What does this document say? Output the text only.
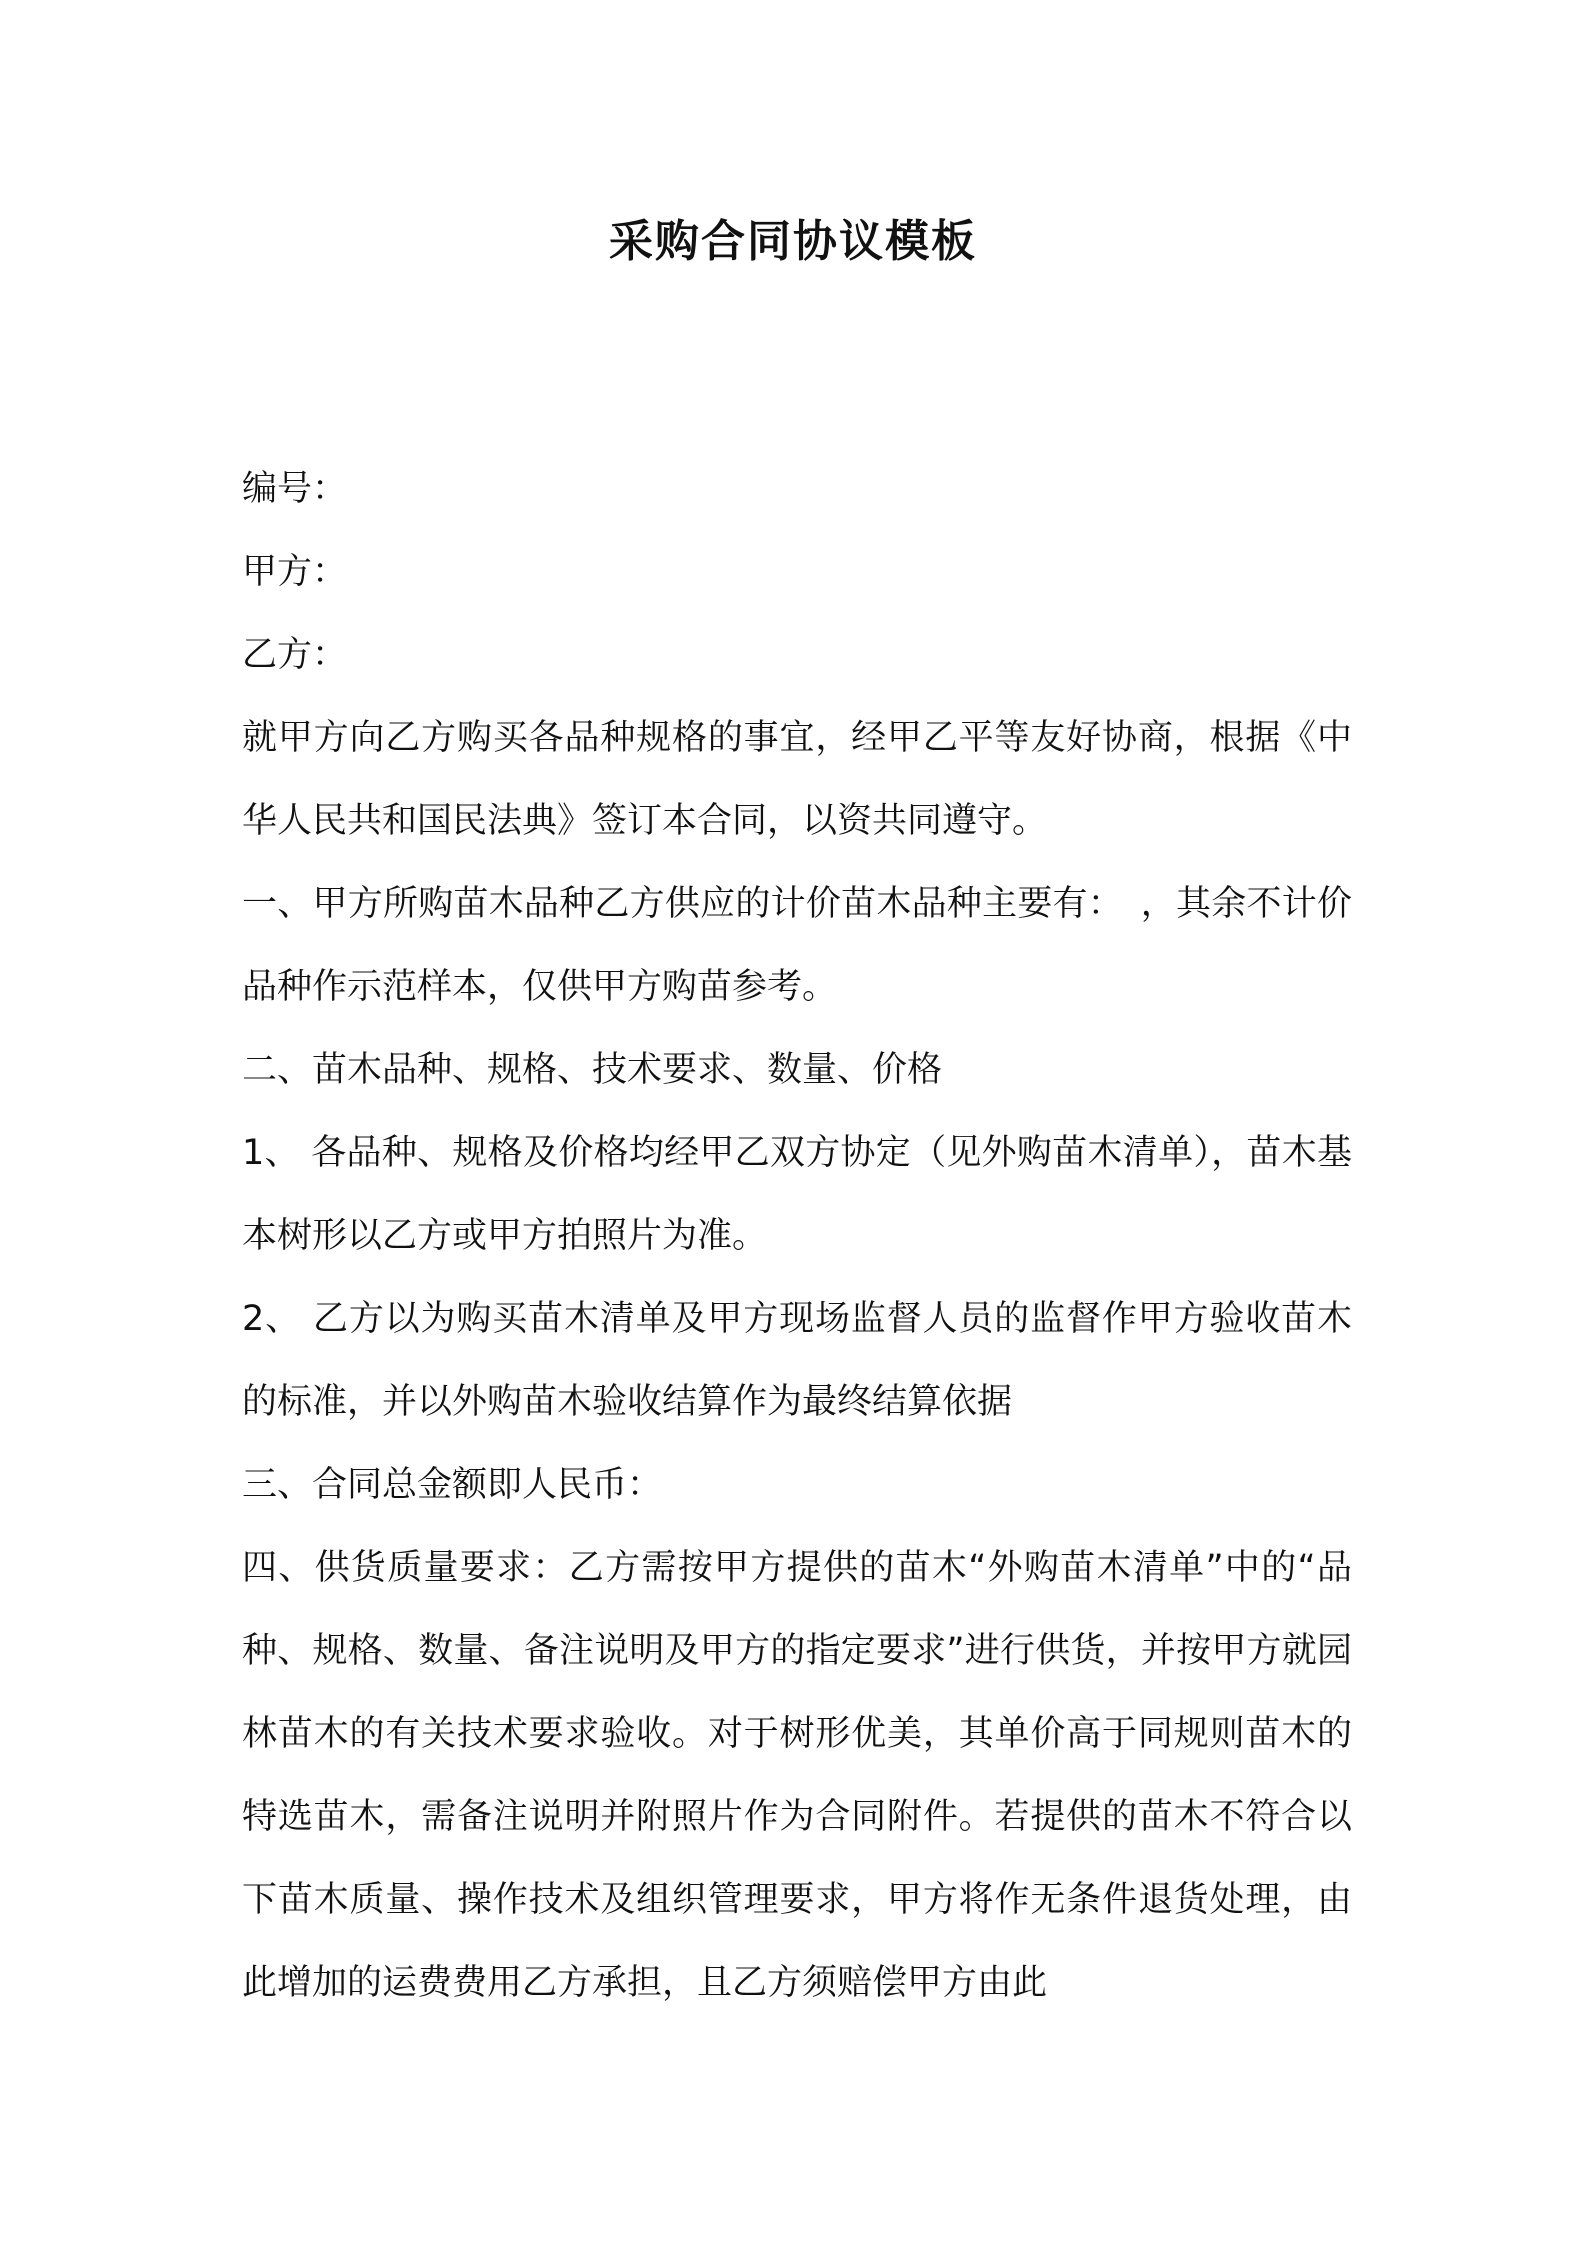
采购合同协议模板

编号：

甲方：

乙方：

就甲方向乙方购买各品种规格的事宜，经甲乙平等友好协商，根据《中华人民共和国民法典》签订本合同，以资共同遵守。

一、甲方所购苗木品种乙方供应的计价苗木品种主要有：　，其余不计价品种作示范样本，仅供甲方购苗参考。

二、苗木品种、规格、技术要求、数量、价格

1、 各品种、规格及价格均经甲乙双方协定（见外购苗木清单），苗木基本树形以乙方或甲方拍照片为准。

2、 乙方以为购买苗木清单及甲方现场监督人员的监督作甲方验收苗木的标准，并以外购苗木验收结算作为最终结算依据

三、合同总金额即人民币：

四、供货质量要求：乙方需按甲方提供的苗木“外购苗木清单”中的“品种、规格、数量、备注说明及甲方的指定要求”进行供货，并按甲方就园林苗木的有关技术要求验收。对于树形优美，其单价高于同规则苗木的特选苗木，需备注说明并附照片作为合同附件。若提供的苗木不符合以下苗木质量、操作技术及组织管理要求，甲方将作无条件退货处理，由此增加的运费费用乙方承担，且乙方须赔偿甲方由此
